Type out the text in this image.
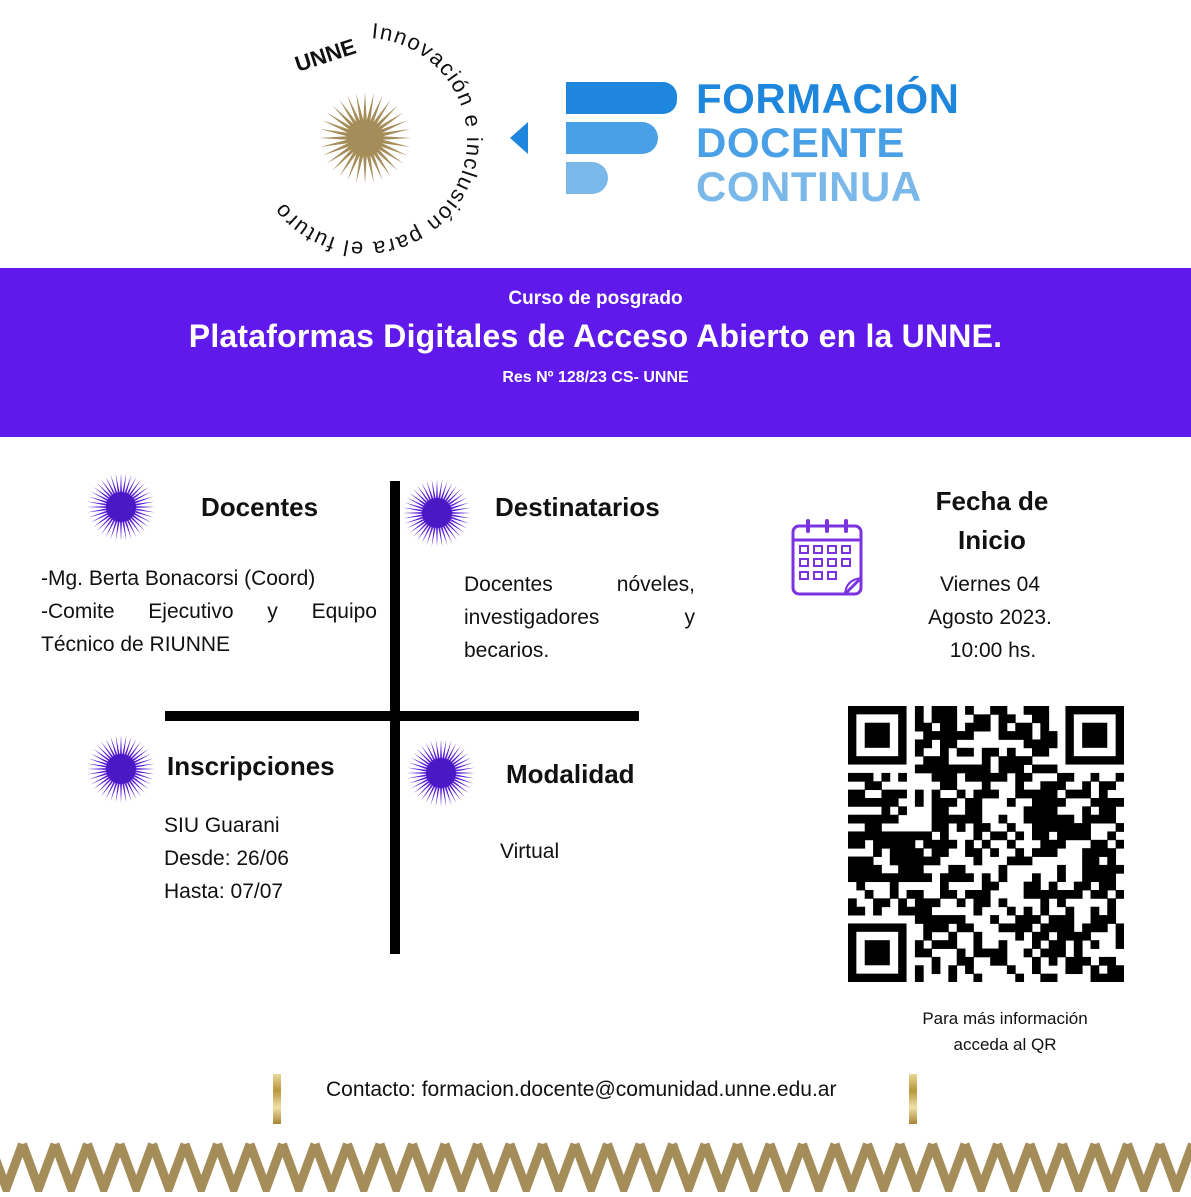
Innovación e inclusión para el futuro
UNNE
FORMACIÓN
DOCENTE
CONTINUA
Curso de posgrado
Plataformas Digitales de Acceso Abierto en la UNNE.
Res Nº 128/23 CS- UNNE
Docentes
-Mg. Berta Bonacorsi (Coord)
-Comite Ejecutivo y Equipo
Técnico de RIUNNE
Destinatarios
Docentes nóveles,
investigadores y
becarios.
Fecha de
Inicio
Viernes 04
Agosto 2023.
10:00 hs.
Inscripciones
SIU Guarani
Desde: 26/06
Hasta: 07/07
Modalidad
Virtual
Para más información
acceda al QR
Contacto: formacion.docente@comunidad.unne.edu.ar
